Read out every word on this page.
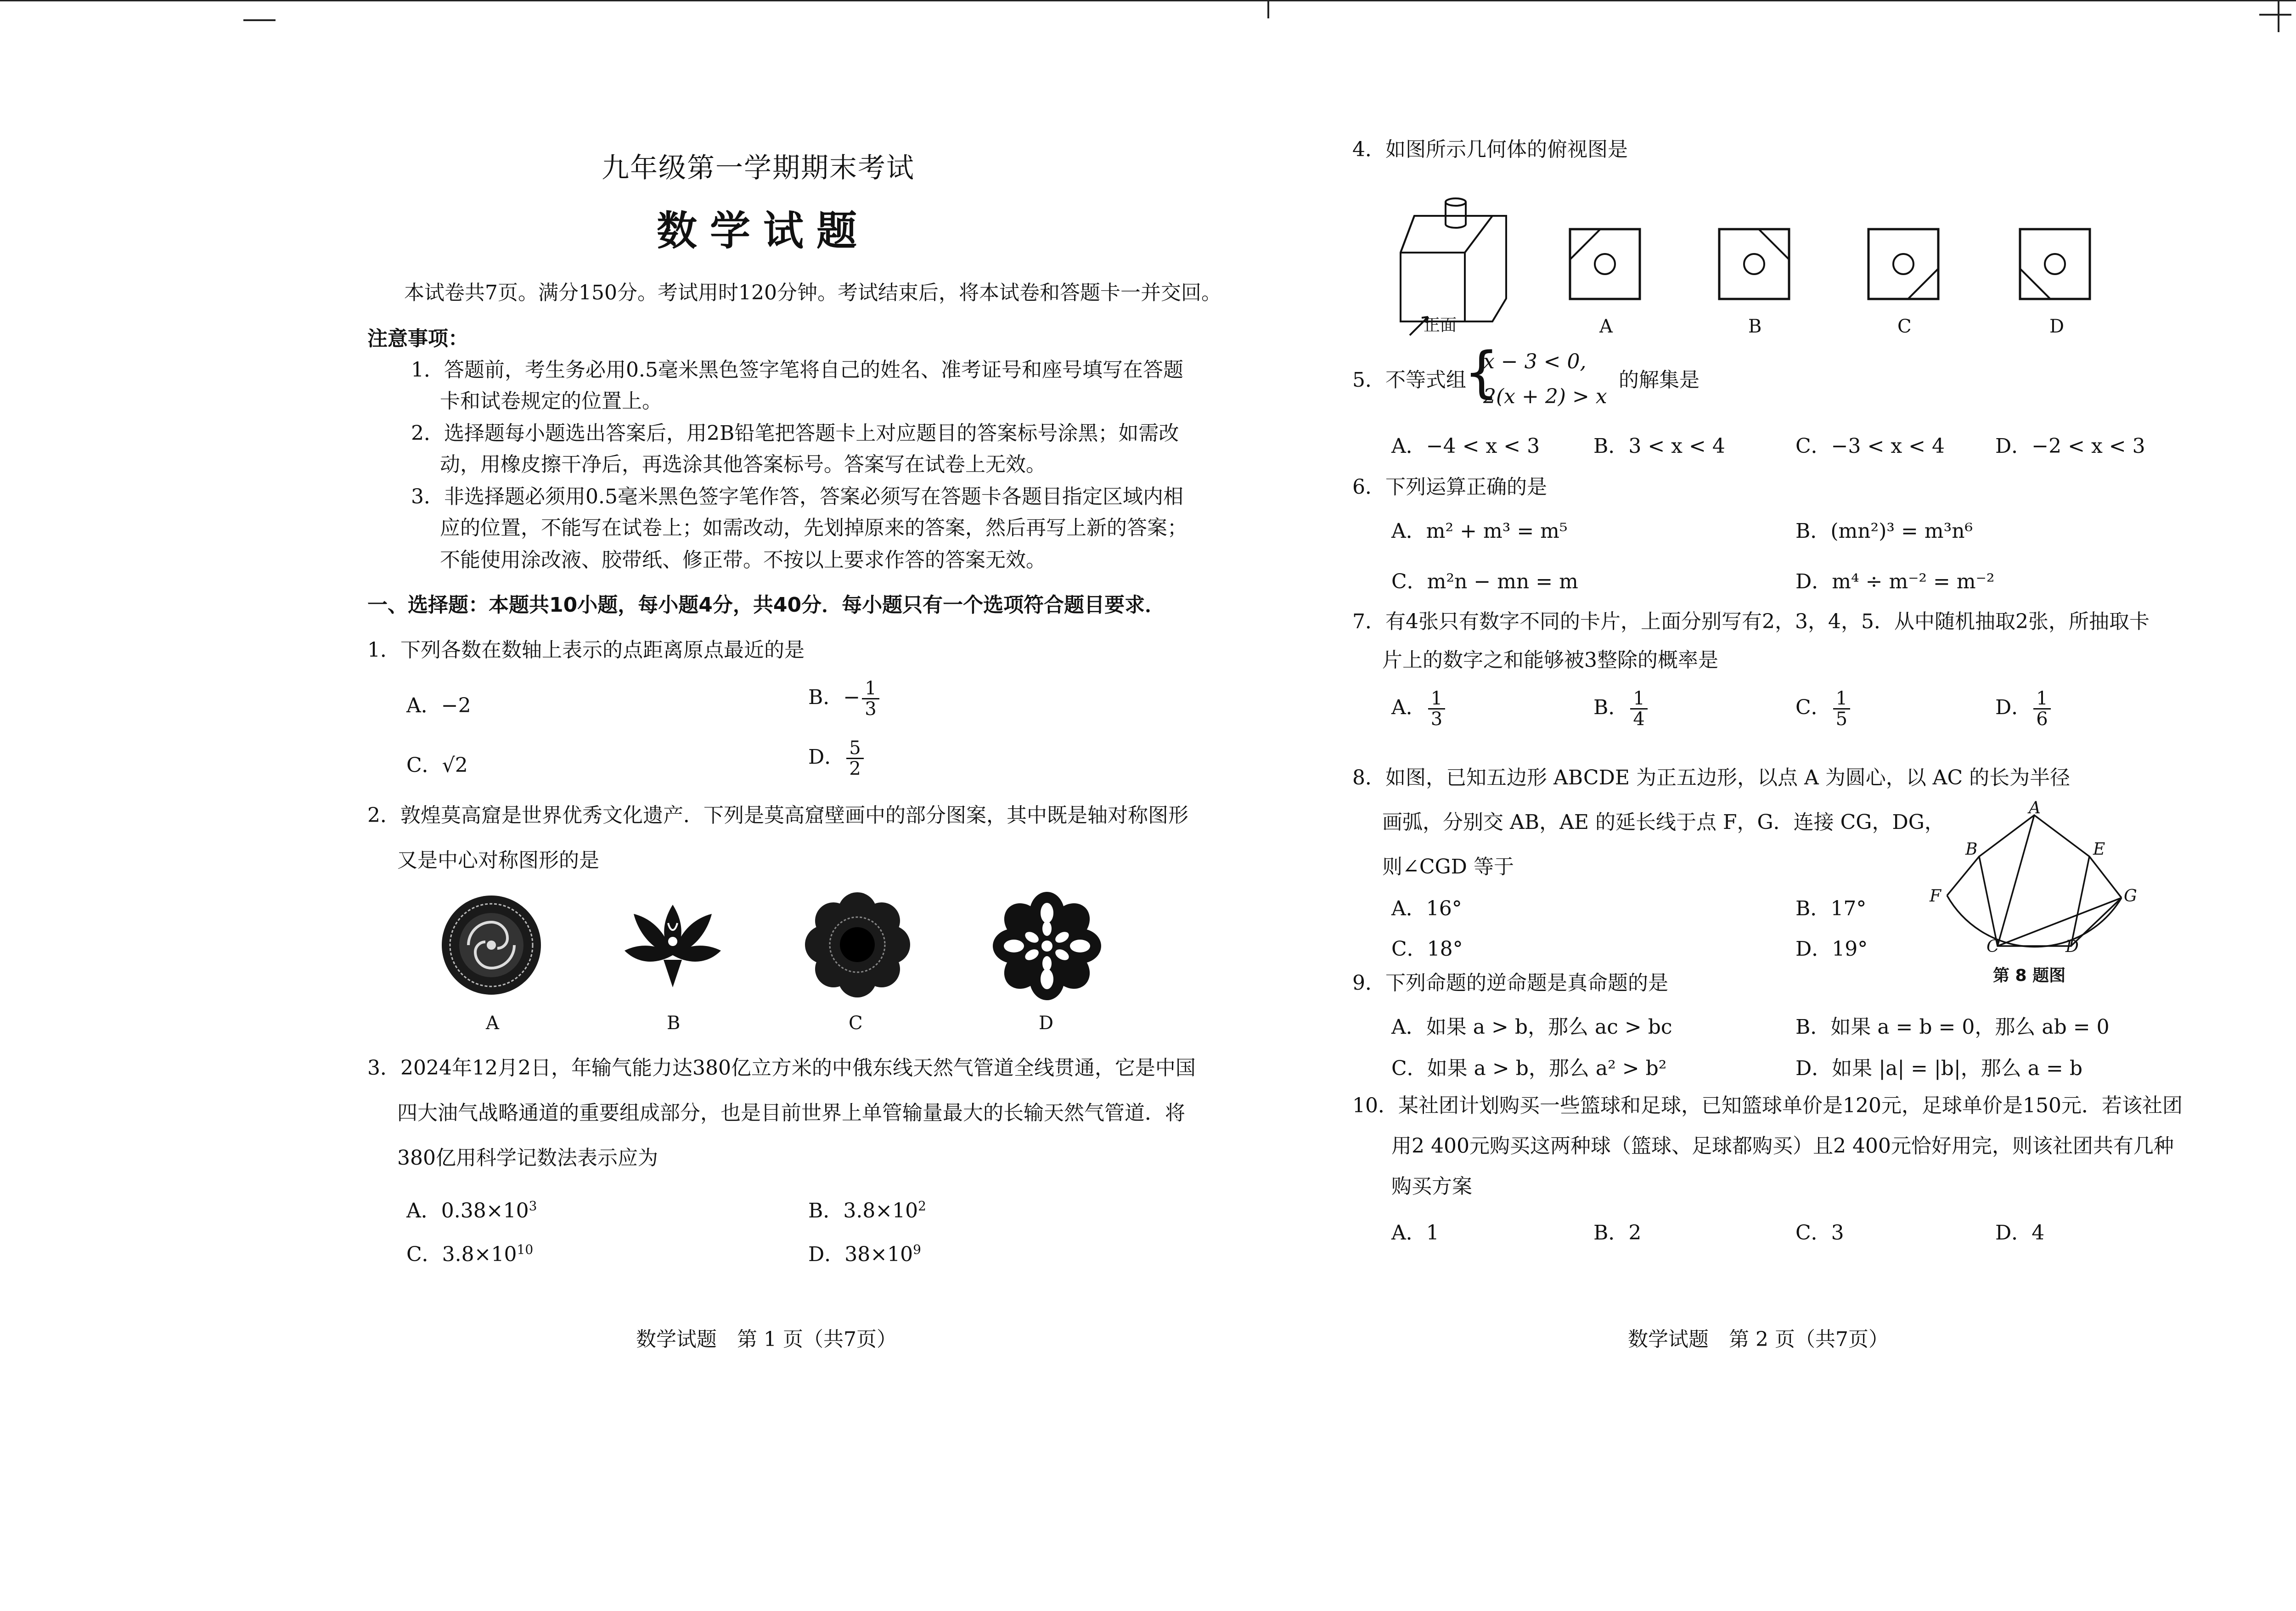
九年级第一学期期末考试
数学试题
本试卷共7页。满分150分。考试用时120分钟。考试结束后，将本试卷和答题卡一并交回。
注意事项：
1．答题前，考生务必用0.5毫米黑色签字笔将自己的姓名、准考证号和座号填写在答题
卡和试卷规定的位置上。
2．选择题每小题选出答案后，用2B铅笔把答题卡上对应题目的答案标号涂黑；如需改
动，用橡皮擦干净后，再选涂其他答案标号。答案写在试卷上无效。
3．非选择题必须用0.5毫米黑色签字笔作答，答案必须写在答题卡各题目指定区域内相
应的位置，不能写在试卷上；如需改动，先划掉原来的答案，然后再写上新的答案；
不能使用涂改液、胶带纸、修正带。不按以上要求作答的答案无效。
一、选择题：本题共10小题，每小题4分，共40分．每小题只有一个选项符合题目要求．
1．下列各数在数轴上表示的点距离原点最近的是
A．−2	B．− $\frac{1}{3}$
C．√2	D． $\frac{5}{2}$
2．敦煌莫高窟是世界优秀文化遗产．下列是莫高窟壁画中的部分图案，其中既是轴对称图形
又是中心对称图形的是
A	B	C	D
3．2024年12月2日，年输气能力达380亿立方米的中俄东线天然气管道全线贯通，它是中国
四大油气战略通道的重要组成部分，也是目前世界上单管输量最大的长输天然气管道．将
380亿用科学记数法表示应为
A．$0.38\times 10^3$	B．$3.8\times 10^2$
C．$3.8\times 10^{10}$	D．$38\times 10^9$
数学试题　第 1 页（共7页）
4．如图所示几何体的俯视图是
正面	A	B	C	D
5．不等式组
{
x − 3 < 0,
2(x + 2) > x
的解集是
A．−4 < x < 3	B．3 < x < 4	C．−3 < x < 4 D．−2 < x < 3
6．下列运算正确的是
A．m² + m³ = m⁵	B．(mn²)³ = m³n⁶
C．m²n − mn = m	D．m⁴ ÷ m⁻² = m⁻²
7．有4张只有数字不同的卡片，上面分别写有2，3，4，5．从中随机抽取2张，所抽取卡
片上的数字之和能够被3整除的概率是
A． $\frac{1}{3}$	B． $\frac{1}{4}$	C． $\frac{1}{5}$	D． $\frac{1}{6}$
8．如图，已知五边形 ABCDE 为正五边形，以点 A 为圆心，以 AC 的长为半径
画弧，分别交 AB，AE 的延长线于点 F，G．连接 CG，DG，
则∠CGD 等于
A．16°	B．17°
C．18°	D．19°
A
B	E
F	G
C	D
第 8 题图
9．下列命题的逆命题是真命题的是
A．如果 a > b，那么 ac > bc	B．如果 a = b = 0，那么 ab = 0
C．如果 a > b，那么 a² > b²	D．如果 |a| = |b|，那么 a = b
10．某社团计划购买一些篮球和足球，已知篮球单价是120元，足球单价是150元．若该社团
用2 400元购买这两种球（篮球、足球都购买）且2 400元恰好用完，则该社团共有几种
购买方案
A．1	B．2	C．3	D．4
数学试题　第 2 页（共7页）
